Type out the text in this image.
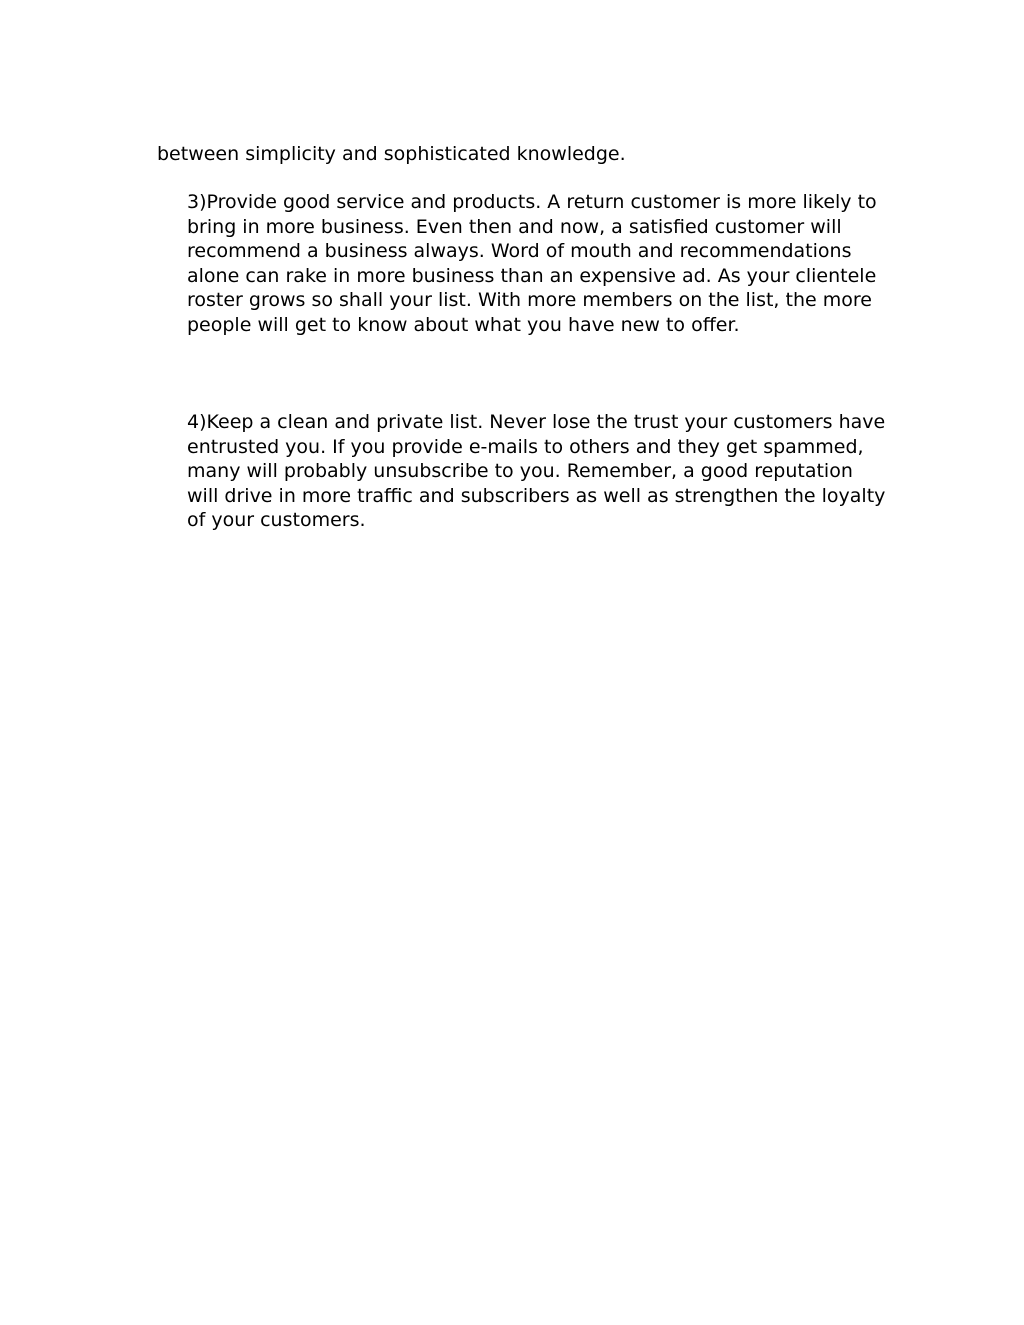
between simplicity and sophisticated knowledge.

3)Provide good service and products. A return customer is more likely to bring in more business. Even then and now, a satisfied customer will recommend a business always. Word of mouth and recommendations alone can rake in more business than an expensive ad. As your clientele roster grows so shall your list. With more members on the list, the more people will get to know about what you have new to offer.

4)Keep a clean and private list. Never lose the trust your customers have entrusted you. If you provide e-mails to others and they get spammed, many will probably unsubscribe to you. Remember, a good reputation will drive in more traffic and subscribers as well as strengthen the loyalty of your customers.
